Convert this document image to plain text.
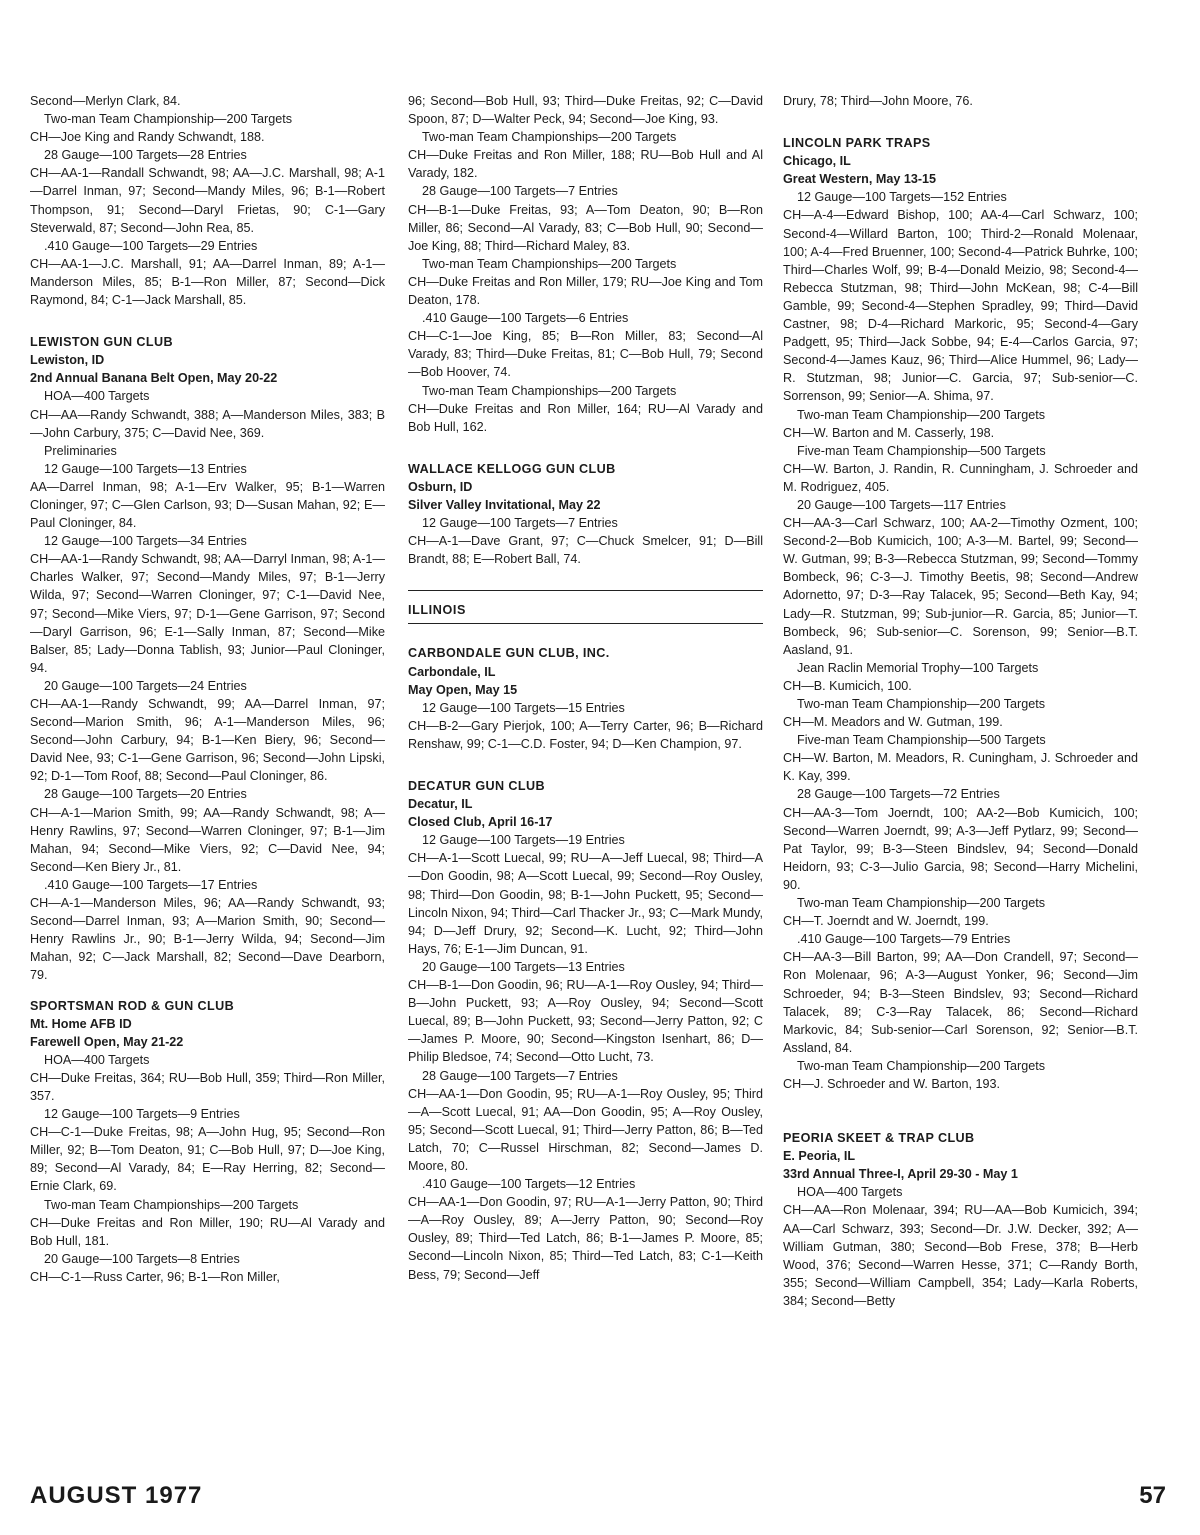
Second—Merlyn Clark, 84.
Two-man Team Championship—200 Targets
CH—Joe King and Randy Schwandt, 188.
28 Gauge—100 Targets—28 Entries
CH—AA-1—Randall Schwandt, 98; AA—J.C. Marshall, 98; A-1—Darrel Inman, 97; Second—Mandy Miles, 96; B-1—Robert Thompson, 91; Second—Daryl Frietas, 90; C-1—Gary Steverwald, 87; Second—John Rea, 85.
.410 Gauge—100 Targets—29 Entries
CH—AA-1—J.C. Marshall, 91; AA—Darrel Inman, 89; A-1—Manderson Miles, 85; B-1—Ron Miller, 87; Second—Dick Raymond, 84; C-1—Jack Marshall, 85.
LEWISTON GUN CLUB
Lewiston, ID
2nd Annual Banana Belt Open, May 20-22
HOA—400 Targets
CH—AA—Randy Schwandt, 388; A—Manderson Miles, 383; B—John Carbury, 375; C—David Nee, 369.
Preliminaries
12 Gauge—100 Targets—13 Entries
AA—Darrel Inman, 98; A-1—Erv Walker, 95; B-1—Warren Cloninger, 97; C—Glen Carlson, 93; D—Susan Mahan, 92; E—Paul Cloninger, 84.
12 Gauge—100 Targets—34 Entries
CH—AA-1—Randy Schwandt, 98; AA—Darryl Inman, 98; A-1—Charles Walker, 97; Second—Mandy Miles, 97; B-1—Jerry Wilda, 97; Second—Warren Cloninger, 97; C-1—David Nee, 97; Second—Mike Viers, 97; D-1—Gene Garrison, 97; Second—Daryl Garrison, 96; E-1—Sally Inman, 87; Second—Mike Balser, 85; Lady—Donna Tablish, 93; Junior—Paul Cloninger, 94.
20 Gauge—100 Targets—24 Entries
CH—AA-1—Randy Schwandt, 99; AA—Darrel Inman, 97; Second—Marion Smith, 96; A-1—Manderson Miles, 96; Second—John Carbury, 94; B-1—Ken Biery, 96; Second—David Nee, 93; C-1—Gene Garrison, 96; Second—John Lipski, 92; D-1—Tom Roof, 88; Second—Paul Cloninger, 86.
28 Gauge—100 Targets—20 Entries
CH—A-1—Marion Smith, 99; AA—Randy Schwandt, 98; A—Henry Rawlins, 97; Second—Warren Cloninger, 97; B-1—Jim Mahan, 94; Second—Mike Viers, 92; C—David Nee, 94; Second—Ken Biery Jr., 81.
.410 Gauge—100 Targets—17 Entries
CH—A-1—Manderson Miles, 96; AA—Randy Schwandt, 93; Second—Darrel Inman, 93; A—Marion Smith, 90; Second—Henry Rawlins Jr., 90; B-1—Jerry Wilda, 94; Second—Jim Mahan, 92; C—Jack Marshall, 82; Second—Dave Dearborn, 79.
SPORTSMAN ROD & GUN CLUB
Mt. Home AFB ID
Farewell Open, May 21-22
HOA—400 Targets
CH—Duke Freitas, 364; RU—Bob Hull, 359; Third—Ron Miller, 357.
12 Gauge—100 Targets—9 Entries
CH—C-1—Duke Freitas, 98; A—John Hug, 95; Second—Ron Miller, 92; B—Tom Deaton, 91; C—Bob Hull, 97; D—Joe King, 89; Second—Al Varady, 84; E—Ray Herring, 82; Second—Ernie Clark, 69.
Two-man Team Championships—200 Targets
CH—Duke Freitas and Ron Miller, 190; RU—Al Varady and Bob Hull, 181.
20 Gauge—100 Targets—8 Entries
CH—C-1—Russ Carter, 96; B-1—Ron Miller,
96; Second—Bob Hull, 93; Third—Duke Freitas, 92; C—David Spoon, 87; D—Walter Peck, 94; Second—Joe King, 93.
Two-man Team Championships—200 Targets
CH—Duke Freitas and Ron Miller, 188; RU—Bob Hull and Al Varady, 182.
28 Gauge—100 Targets—7 Entries
CH—B-1—Duke Freitas, 93; A—Tom Deaton, 90; B—Ron Miller, 86; Second—Al Varady, 83; C—Bob Hull, 90; Second—Joe King, 88; Third—Richard Maley, 83.
Two-man Team Championships—200 Targets
CH—Duke Freitas and Ron Miller, 179; RU—Joe King and Tom Deaton, 178.
.410 Gauge—100 Targets—6 Entries
CH—C-1—Joe King, 85; B—Ron Miller, 83; Second—Al Varady, 83; Third—Duke Freitas, 81; C—Bob Hull, 79; Second—Bob Hoover, 74.
Two-man Team Championships—200 Targets
CH—Duke Freitas and Ron Miller, 164; RU—Al Varady and Bob Hull, 162.
WALLACE KELLOGG GUN CLUB
Osburn, ID
Silver Valley Invitational, May 22
12 Gauge—100 Targets—7 Entries
CH—A-1—Dave Grant, 97; C—Chuck Smelcer, 91; D—Bill Brandt, 88; E—Robert Ball, 74.
ILLINOIS
CARBONDALE GUN CLUB, INC.
Carbondale, IL
May Open, May 15
12 Gauge—100 Targets—15 Entries
CH—B-2—Gary Pierjok, 100; A—Terry Carter, 96; B—Richard Renshaw, 99; C-1—C.D. Foster, 94; D—Ken Champion, 97.
DECATUR GUN CLUB
Decatur, IL
Closed Club, April 16-17
12 Gauge—100 Targets—19 Entries
CH—A-1—Scott Luecal, 99; RU—A—Jeff Luecal, 98; Third—A—Don Goodin, 98; A—Scott Luecal, 99; Second—Roy Ousley, 98; Third—Don Goodin, 98; B-1—John Puckett, 95; Second—Lincoln Nixon, 94; Third—Carl Thacker Jr., 93; C—Mark Mundy, 94; D—Jeff Drury, 92; Second—K. Lucht, 92; Third—John Hays, 76; E-1—Jim Duncan, 91.
20 Gauge—100 Targets—13 Entries
CH—B-1—Don Goodin, 96; RU—A-1—Roy Ousley, 94; Third—B—John Puckett, 93; A—Roy Ousley, 94; Second—Scott Luecal, 89; B—John Puckett, 93; Second—Jerry Patton, 92; C—James P. Moore, 90; Second—Kingston Isenhart, 86; D—Philip Bledsoe, 74; Second—Otto Lucht, 73.
28 Gauge—100 Targets—7 Entries
CH—AA-1—Don Goodin, 95; RU—A-1—Roy Ousley, 95; Third—A—Scott Luecal, 91; AA—Don Goodin, 95; A—Roy Ousley, 95; Second—Scott Luecal, 91; Third—Jerry Patton, 86; B—Ted Latch, 70; C—Russel Hirschman, 82; Second—James D. Moore, 80.
.410 Gauge—100 Targets—12 Entries
CH—AA-1—Don Goodin, 97; RU—A-1—Jerry Patton, 90; Third—A—Roy Ousley, 89; A—Jerry Patton, 90; Second—Roy Ousley, 89; Third—Ted Latch, 86; B-1—James P. Moore, 85; Second—Lincoln Nixon, 85; Third—Ted Latch, 83; C-1—Keith Bess, 79; Second—Jeff
Drury, 78; Third—John Moore, 76.
LINCOLN PARK TRAPS
Chicago, IL
Great Western, May 13-15
12 Gauge—100 Targets—152 Entries
CH—A-4—Edward Bishop, 100; AA-4—Carl Schwarz, 100; Second-4—Willard Barton, 100; Third-2—Ronald Molenaar, 100; A-4—Fred Bruenner, 100; Second-4—Patrick Buhrke, 100; Third—Charles Wolf, 99; B-4—Donald Meizio, 98; Second-4—Rebecca Stutzman, 98; Third—John McKean, 98; C-4—Bill Gamble, 99; Second-4—Stephen Spradley, 99; Third—David Castner, 98; D-4—Richard Markoric, 95; Second-4—Gary Padgett, 95; Third—Jack Sobbe, 94; E-4—Carlos Garcia, 97; Second-4—James Kauz, 96; Third—Alice Hummel, 96; Lady—R. Stutzman, 98; Junior—C. Garcia, 97; Sub-senior—C. Sorrenson, 99; Senior—A. Shima, 97.
Two-man Team Championship—200 Targets
CH—W. Barton and M. Casserly, 198.
Five-man Team Championship—500 Targets
CH—W. Barton, J. Randin, R. Cunningham, J. Schroeder and M. Rodriguez, 405.
20 Gauge—100 Targets—117 Entries
CH—AA-3—Carl Schwarz, 100; AA-2—Timothy Ozment, 100; Second-2—Bob Kumicich, 100; A-3—M. Bartel, 99; Second—W. Gutman, 99; B-3—Rebecca Stutzman, 99; Second—Tommy Bombeck, 96; C-3—J. Timothy Beetis, 98; Second—Andrew Adornetto, 97; D-3—Ray Talacek, 95; Second—Beth Kay, 94; Lady—R. Stutzman, 99; Sub-junior—R. Garcia, 85; Junior—T. Bombeck, 96; Sub-senior—C. Sorenson, 99; Senior—B.T. Aasland, 91.
Jean Raclin Memorial Trophy—100 Targets
CH—B. Kumicich, 100.
Two-man Team Championship—200 Targets
CH—M. Meadors and W. Gutman, 199.
Five-man Team Championship—500 Targets
CH—W. Barton, M. Meadors, R. Cuningham, J. Schroeder and K. Kay, 399.
28 Gauge—100 Targets—72 Entries
CH—AA-3—Tom Joerndt, 100; AA-2—Bob Kumicich, 100; Second—Warren Joerndt, 99; A-3—Jeff Pytlarz, 99; Second—Pat Taylor, 99; B-3—Steen Bindslev, 94; Second—Donald Heidorn, 93; C-3—Julio Garcia, 98; Second—Harry Michelini, 90.
Two-man Team Championship—200 Targets
CH—T. Joerndt and W. Joerndt, 199.
.410 Gauge—100 Targets—79 Entries
CH—AA-3—Bill Barton, 99; AA—Don Crandell, 97; Second—Ron Molenaar, 96; A-3—August Yonker, 96; Second—Jim Schroeder, 94; B-3—Steen Bindslev, 93; Second—Richard Talacek, 89; C-3—Ray Talacek, 86; Second—Richard Markovic, 84; Sub-senior—Carl Sorenson, 92; Senior—B.T. Assland, 84.
Two-man Team Championship—200 Targets
CH—J. Schroeder and W. Barton, 193.
PEORIA SKEET & TRAP CLUB
E. Peoria, IL
33rd Annual Three-I, April 29-30 - May 1
HOA—400 Targets
CH—AA—Ron Molenaar, 394; RU—AA—Bob Kumicich, 394; AA—Carl Schwarz, 393; Second—Dr. J.W. Decker, 392; A—William Gutman, 380; Second—Bob Frese, 378; B—Herb Wood, 376; Second—Warren Hesse, 371; C—Randy Borth, 355; Second—William Campbell, 354; Lady—Karla Roberts, 384; Second—Betty
AUGUST 1977	57
